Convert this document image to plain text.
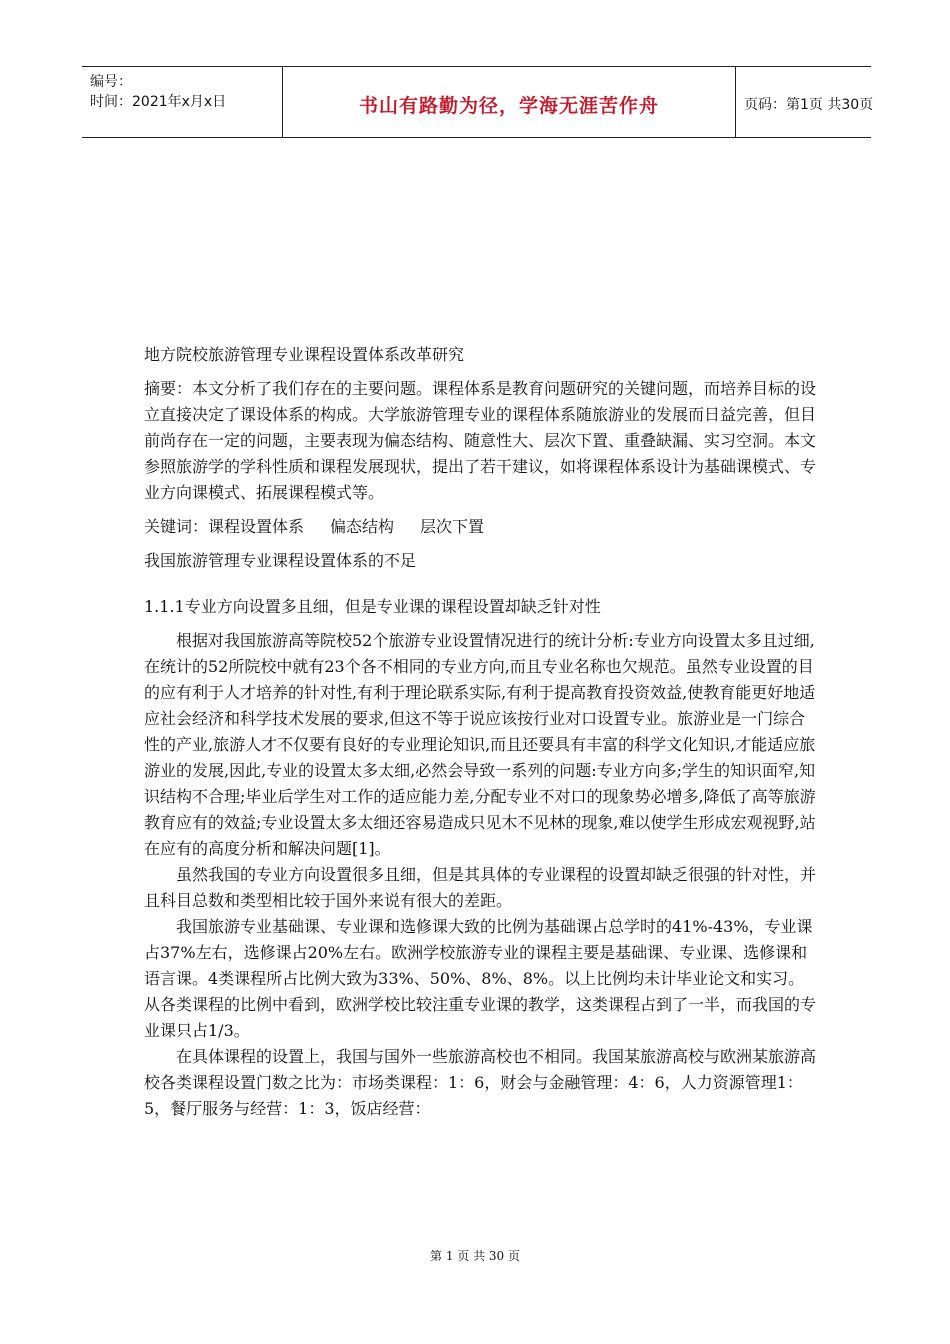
编号：
时间：2021年x月x日	书山有路勤为径，学海无涯苦作舟	页码：第1页 共30页

地方院校旅游管理专业课程设置体系改革研究

摘要：本文分析了我们存在的主要问题。课程体系是教育问题研究的关键问题，而培养目标的设立直接决定了课设体系的构成。大学旅游管理专业的课程体系随旅游业的发展而日益完善，但目前尚存在一定的问题，主要表现为偏态结构、随意性大、层次下置、重叠缺漏、实习空洞。本文参照旅游学的学科性质和课程发展现状，提出了若干建议，如将课程体系设计为基础课模式、专业方向课模式、拓展课程模式等。

关键词：课程设置体系 偏态结构 层次下置

我国旅游管理专业课程设置体系的不足

1.1.1专业方向设置多且细，但是专业课的课程设置却缺乏针对性

根据对我国旅游高等院校52个旅游专业设置情况进行的统计分析:专业方向设置太多且过细,在统计的52所院校中就有23个各不相同的专业方向,而且专业名称也欠规范。虽然专业设置的目的应有利于人才培养的针对性,有利于理论联系实际,有利于提高教育投资效益,使教育能更好地适应社会经济和科学技术发展的要求,但这不等于说应该按行业对口设置专业。旅游业是一门综合性的产业,旅游人才不仅要有良好的专业理论知识,而且还要具有丰富的科学文化知识,才能适应旅游业的发展,因此,专业的设置太多太细,必然会导致一系列的问题:专业方向多;学生的知识面窄,知识结构不合理;毕业后学生对工作的适应能力差,分配专业不对口的现象势必增多,降低了高等旅游教育应有的效益;专业设置太多太细还容易造成只见木不见林的现象,难以使学生形成宏观视野,站在应有的高度分析和解决问题[1]。

虽然我国的专业方向设置很多且细，但是其具体的专业课程的设置却缺乏很强的针对性，并且科目总数和类型相比较于国外来说有很大的差距。

我国旅游专业基础课、专业课和选修课大致的比例为基础课占总学时的41%-43%，专业课占37%左右，选修课占20%左右。欧洲学校旅游专业的课程主要是基础课、专业课、选修课和语言课。4类课程所占比例大致为33%、50%、8%、8%。以上比例均未计毕业论文和实习。从各类课程的比例中看到，欧洲学校比较注重专业课的教学，这类课程占到了一半，而我国的专业课只占1/3。

在具体课程的设置上，我国与国外一些旅游高校也不相同。我国某旅游高校与欧洲某旅游高校各类课程设置门数之比为：市场类课程：1：6，财会与金融管理：4：6，人力资源管理1：5，餐厅服务与经营：1：3，饭店经营：

第 1 页 共 30 页
